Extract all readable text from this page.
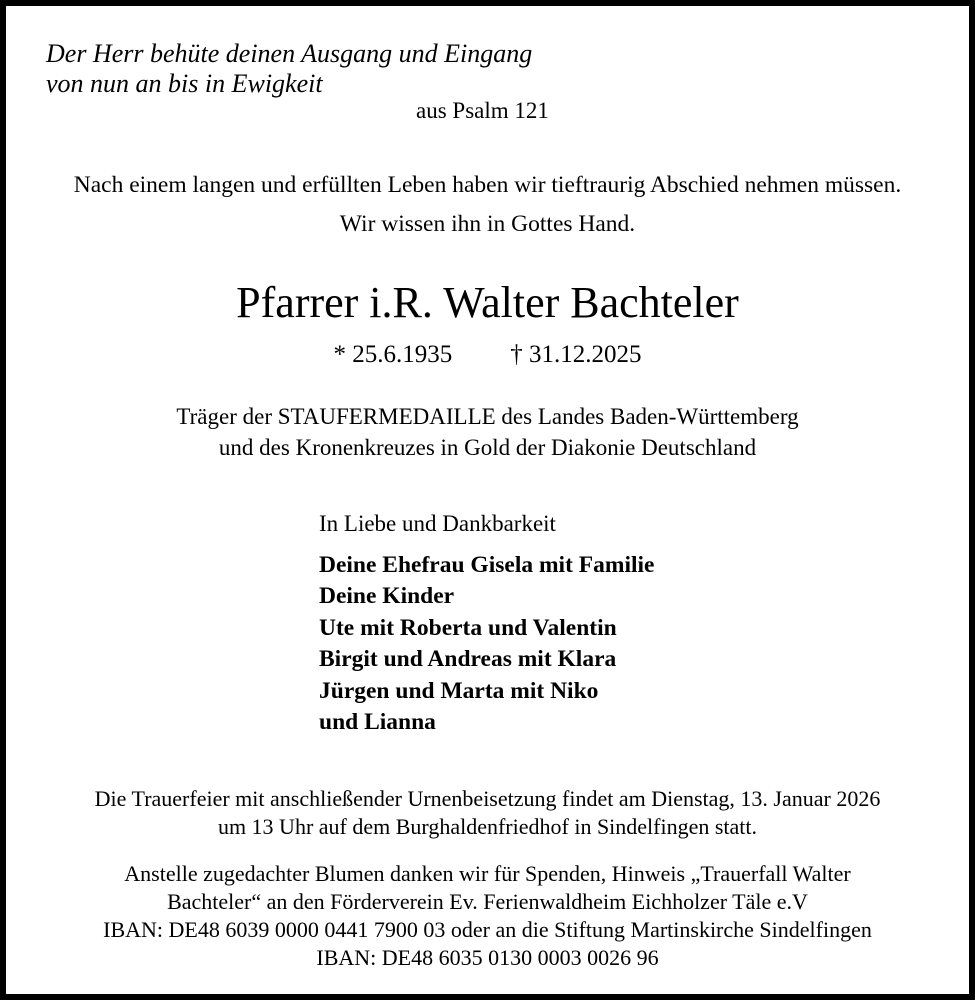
Der Herr behüte deinen Ausgang und Eingang
von nun an bis in Ewigkeit
aus Psalm 121
Nach einem langen und erfüllten Leben haben wir tieftraurig Abschied nehmen müssen.
Wir wissen ihn in Gottes Hand.
Pfarrer i.R. Walter Bachteler
* 25.6.1935 † 31.12.2025
Träger der STAUFERMEDAILLE des Landes Baden-Württemberg
und des Kronenkreuzes in Gold der Diakonie Deutschland
In Liebe und Dankbarkeit
Deine Ehefrau Gisela mit Familie
Deine Kinder
Ute mit Roberta und Valentin
Birgit und Andreas mit Klara
Jürgen und Marta mit Niko
und Lianna
Die Trauerfeier mit anschließender Urnenbeisetzung findet am Dienstag, 13. Januar 2026
um 13 Uhr auf dem Burghaldenfriedhof in Sindelfingen statt.
Anstelle zugedachter Blumen danken wir für Spenden, Hinweis „Trauerfall Walter
Bachteler“ an den Förderverein Ev. Ferienwaldheim Eichholzer Täle e.V
IBAN: DE48 6039 0000 0441 7900 03 oder an die Stiftung Martinskirche Sindelfingen
IBAN: DE48 6035 0130 0003 0026 96
